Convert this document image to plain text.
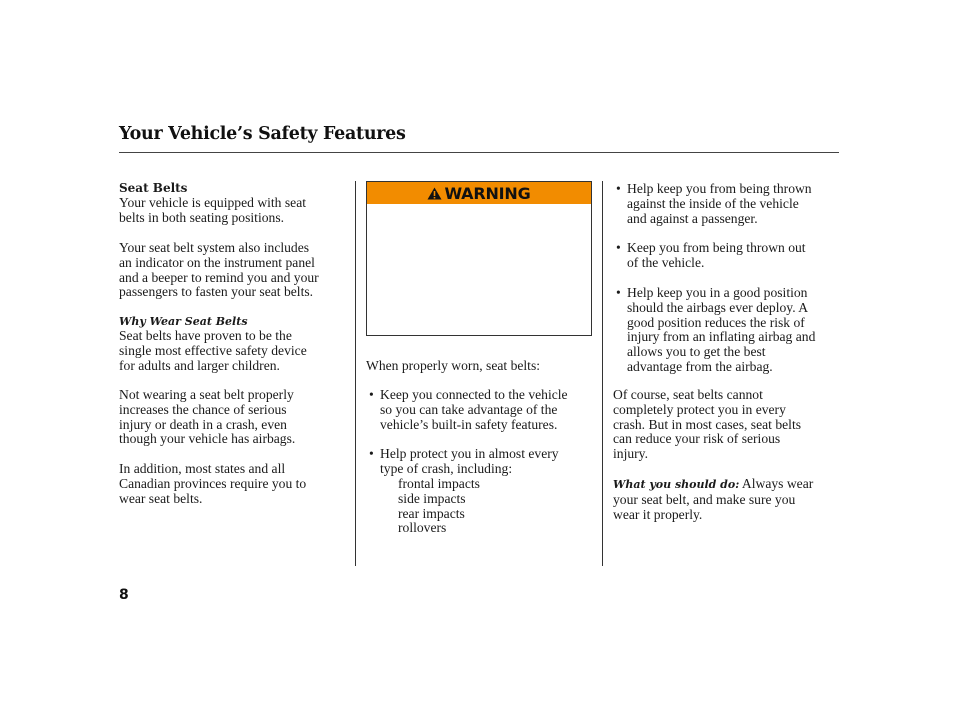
Your Vehicle’s Safety Features
Seat Belts
Your vehicle is equipped with seat
belts in both seating positions.
Your seat belt system also includes
an indicator on the instrument panel
and a beeper to remind you and your
passengers to fasten your seat belts.
Why Wear Seat Belts
Seat belts have proven to be the
single most effective safety device
for adults and larger children.
Not wearing a seat belt properly
increases the chance of serious
injury or death in a crash, even
though your vehicle has airbags.
In addition, most states and all
Canadian provinces require you to
wear seat belts.
WARNING
When properly worn, seat belts:
• Keep you connected to the vehicle
so you can take advantage of the
vehicle’s built-in safety features.
• Help protect you in almost every
type of crash, including:
frontal impacts
side impacts
rear impacts
rollovers
• Help keep you from being thrown
against the inside of the vehicle
and against a passenger.
• Keep you from being thrown out
of the vehicle.
• Help keep you in a good position
should the airbags ever deploy. A
good position reduces the risk of
injury from an inflating airbag and
allows you to get the best
advantage from the airbag.
Of course, seat belts cannot
completely protect you in every
crash. But in most cases, seat belts
can reduce your risk of serious
injury.
What you should do: Always wear
your seat belt, and make sure you
wear it properly.
8
